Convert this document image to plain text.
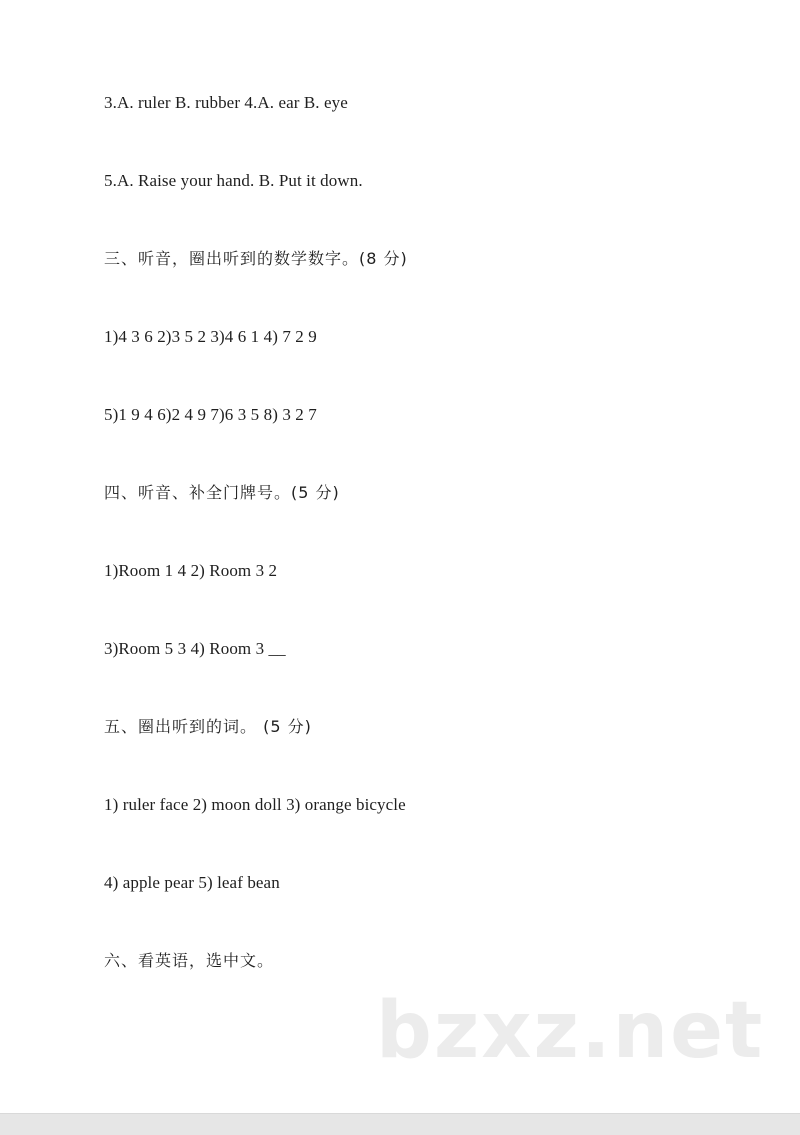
3.A. ruler B. rubber 4.A. ear B. eye
5.A. Raise your hand. B. Put it down.
三、听音，圈出听到的数学数字。(8 分)
1)4 3 6 2)3 5 2 3)4 6 1 4) 7 2 9
5)1 9 4 6)2 4 9 7)6 3 5 8) 3 2 7
四、听音、补全门牌号。(5 分)
1)Room 1 4 2) Room 3 2
3)Room 5 3 4) Room 3 __
五、圈出听到的词。 (5 分)
1) ruler face 2) moon doll 3) orange bicycle
4) apple pear 5) leaf bean
六、看英语，选中文。
bzxz.net
